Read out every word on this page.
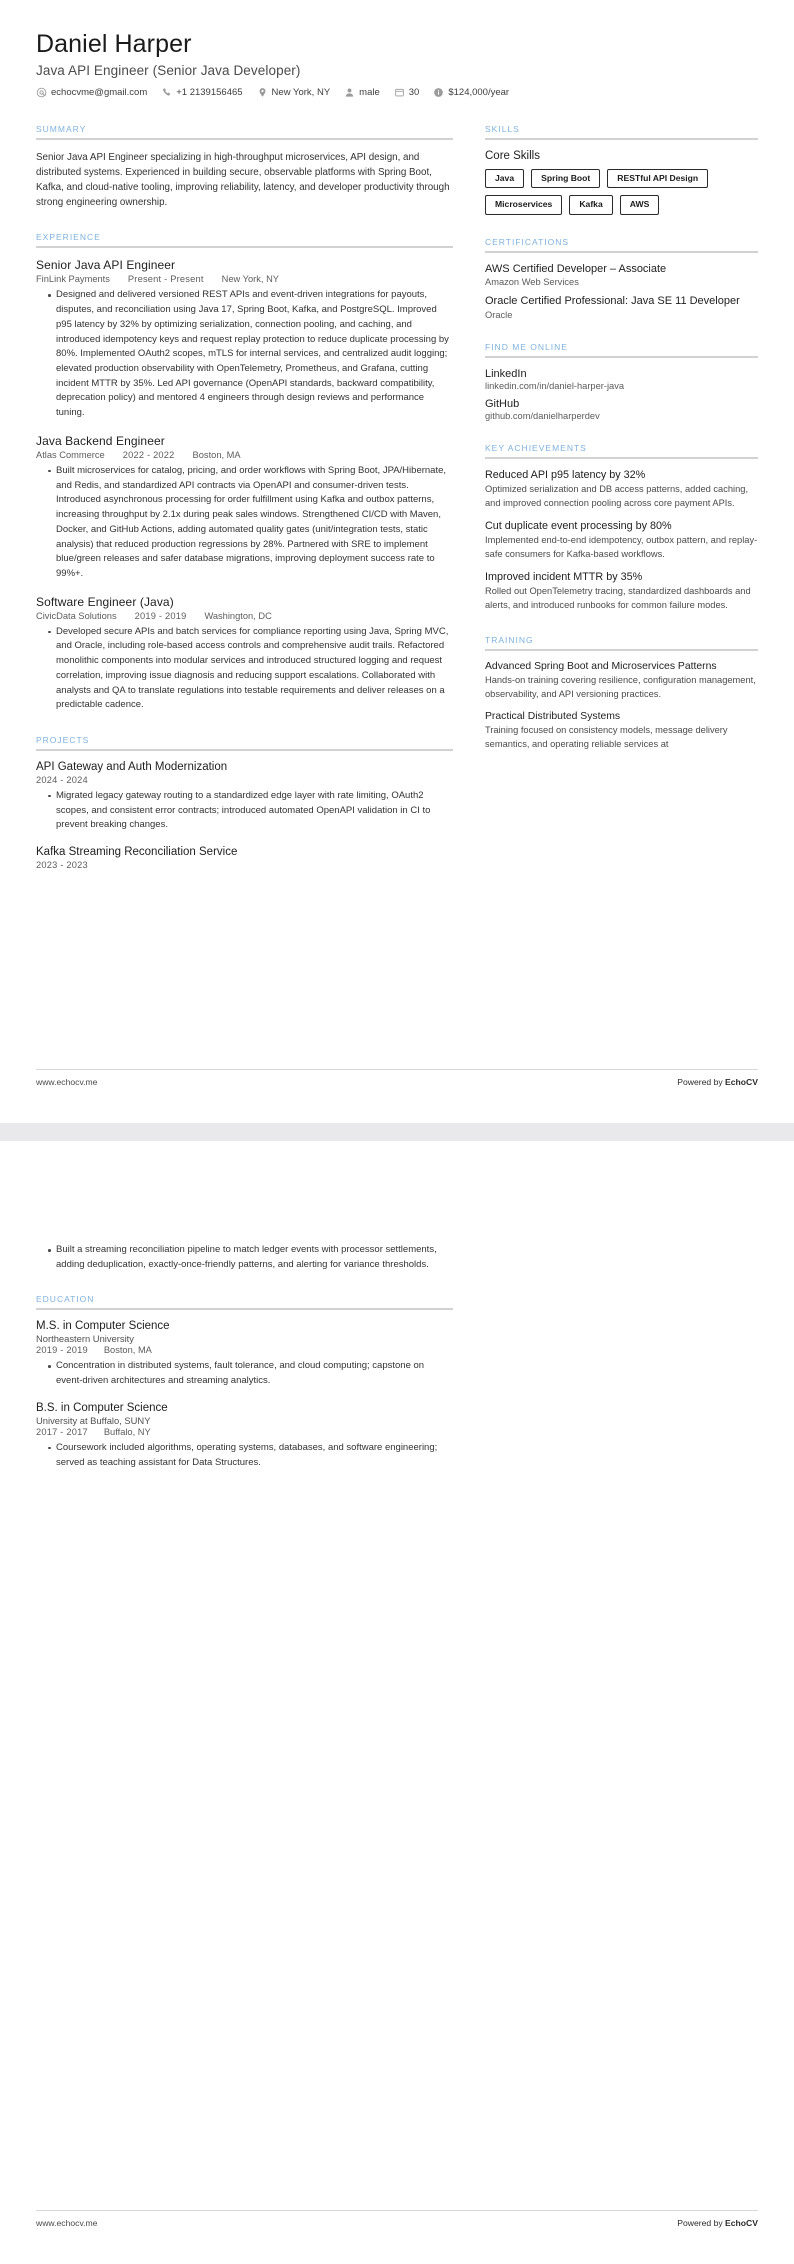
Daniel Harper
Java API Engineer (Senior Java Developer)
echocvme@gmail.com	+1 2139156465	New York, NY	male	30	$124,000/year
SUMMARY

Senior Java API Engineer specializing in high-throughput microservices, API design, and distributed systems. Experienced in building secure, observable platforms with Spring Boot, Kafka, and cloud-native tooling, improving reliability, latency, and developer productivity through strong engineering ownership.

EXPERIENCE
Senior Java API Engineer
FinLink Payments Present - Present New York, NY
Designed and delivered versioned REST APIs and event-driven integrations for payouts, disputes, and reconciliation using Java 17, Spring Boot, Kafka, and PostgreSQL. Improved p95 latency by 32% by optimizing serialization, connection pooling, and caching, and introduced idempotency keys and request replay protection to reduce duplicate processing by 80%. Implemented OAuth2 scopes, mTLS for internal services, and centralized audit logging; elevated production observability with OpenTelemetry, Prometheus, and Grafana, cutting incident MTTR by 35%. Led API governance (OpenAPI standards, backward compatibility, deprecation policy) and mentored 4 engineers through design reviews and performance tuning.
Java Backend Engineer
Atlas Commerce 2022 - 2022 Boston, MA
Built microservices for catalog, pricing, and order workflows with Spring Boot, JPA/Hibernate, and Redis, and standardized API contracts via OpenAPI and consumer-driven tests. Introduced asynchronous processing for order fulfillment using Kafka and outbox patterns, increasing throughput by 2.1x during peak sales windows. Strengthened CI/CD with Maven, Docker, and GitHub Actions, adding automated quality gates (unit/integration tests, static analysis) that reduced production regressions by 28%. Partnered with SRE to implement blue/green releases and safer database migrations, improving deployment success rate to 99%+.
Software Engineer (Java)
CivicData Solutions 2019 - 2019 Washington, DC
Developed secure APIs and batch services for compliance reporting using Java, Spring MVC, and Oracle, including role-based access controls and comprehensive audit trails. Refactored monolithic components into modular services and introduced structured logging and request correlation, improving issue diagnosis and reducing support escalations. Collaborated with analysts and QA to translate regulations into testable requirements and deliver releases on a predictable cadence.
PROJECTS
API Gateway and Auth Modernization
2024 - 2024
Migrated legacy gateway routing to a standardized edge layer with rate limiting, OAuth2 scopes, and consistent error contracts; introduced automated OpenAPI validation in CI to prevent breaking changes.
Kafka Streaming Reconciliation Service
2023 - 2023
SKILLS
Core Skills
Java	Spring Boot	RESTful API Design
Microservices	Kafka	AWS
CERTIFICATIONS
AWS Certified Developer – Associate
Amazon Web Services
Oracle Certified Professional: Java SE 11 Developer
Oracle
FIND ME ONLINE
LinkedIn
linkedin.com/in/daniel-harper-java
GitHub
github.com/danielharperdev
KEY ACHIEVEMENTS
Reduced API p95 latency by 32%
Optimized serialization and DB access patterns, added caching, and improved connection pooling across core payment APIs.
Cut duplicate event processing by 80%
Implemented end-to-end idempotency, outbox pattern, and replay-safe consumers for Kafka-based workflows.
Improved incident MTTR by 35%
Rolled out OpenTelemetry tracing, standardized dashboards and alerts, and introduced runbooks for common failure modes.
TRAINING
Advanced Spring Boot and Microservices Patterns
Hands-on training covering resilience, configuration management, observability, and API versioning practices.
Practical Distributed Systems
Training focused on consistency models, message delivery semantics, and operating reliable services at
www.echocv.me	Powered by EchoCV
Built a streaming reconciliation pipeline to match ledger events with processor settlements, adding deduplication, exactly-once-friendly patterns, and alerting for variance thresholds.
EDUCATION
M.S. in Computer Science
Northeastern University
2019 - 2019 Boston, MA
Concentration in distributed systems, fault tolerance, and cloud computing; capstone on event-driven architectures and streaming analytics.
B.S. in Computer Science
University at Buffalo, SUNY
2017 - 2017 Buffalo, NY
Coursework included algorithms, operating systems, databases, and software engineering; served as teaching assistant for Data Structures.
www.echocv.me	Powered by EchoCV
